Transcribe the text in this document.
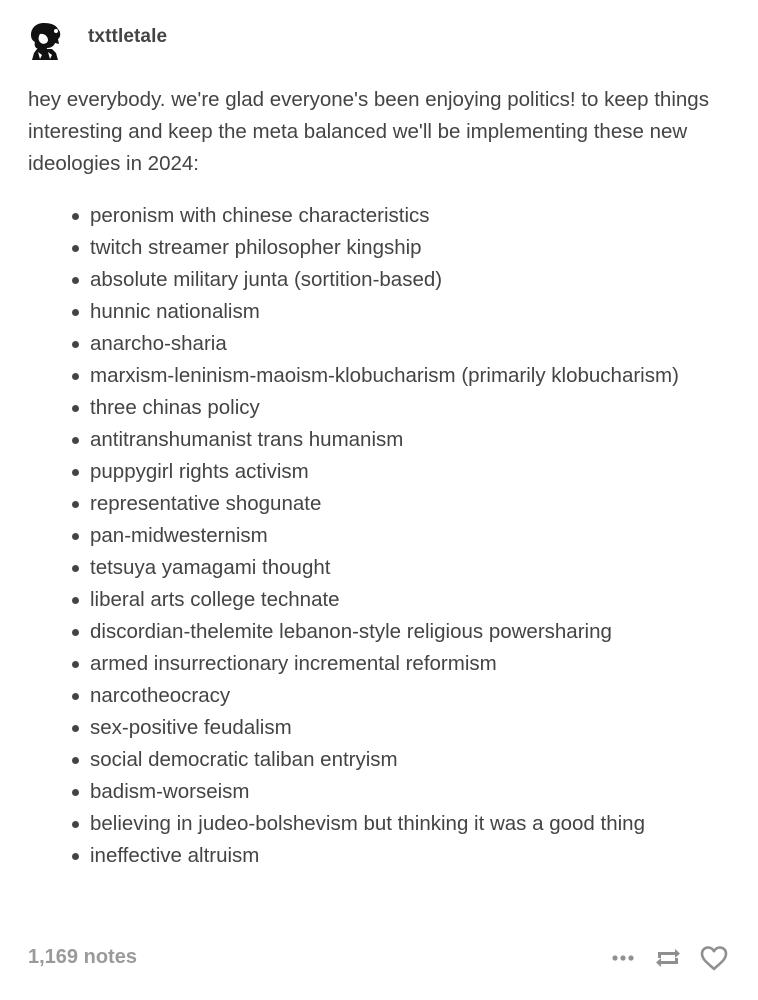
txttletale

hey everybody. we're glad everyone's been enjoying politics! to keep things interesting and keep the meta balanced we'll be implementing these new ideologies in 2024:

peronism with chinese characteristics
twitch streamer philosopher kingship
absolute military junta (sortition-based)
hunnic nationalism
anarcho-sharia
marxism-leninism-maoism-klobucharism (primarily klobucharism)
three chinas policy
antitranshumanist trans humanism
puppygirl rights activism
representative shogunate
pan-midwesternism
tetsuya yamagami thought
liberal arts college technate
discordian-thelemite lebanon-style religious powersharing
armed insurrectionary incremental reformism
narcotheocracy
sex-positive feudalism
social democratic taliban entryism
badism-worseism
believing in judeo-bolshevism but thinking it was a good thing
ineffective altruism
1,169 notes
